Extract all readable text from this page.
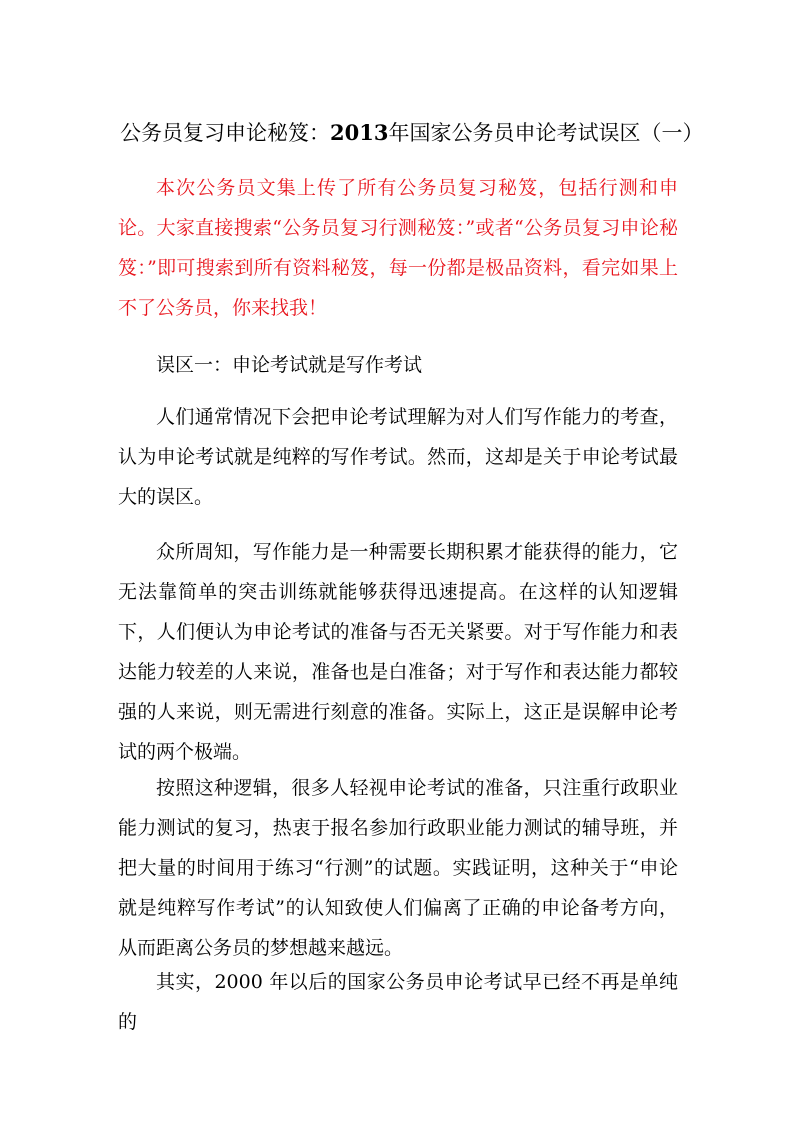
公务员复习申论秘笈：2013年国家公务员申论考试误区（一）

本次公务员文集上传了所有公务员复习秘笈，包括行测和申论。大家直接搜索“公务员复习行测秘笈：”或者“公务员复习申论秘笈：”即可搜索到所有资料秘笈，每一份都是极品资料，看完如果上不了公务员，你来找我！

误区一：申论考试就是写作考试

人们通常情况下会把申论考试理解为对人们写作能力的考查，认为申论考试就是纯粹的写作考试。然而，这却是关于申论考试最大的误区。

众所周知，写作能力是一种需要长期积累才能获得的能力，它无法靠简单的突击训练就能够获得迅速提高。在这样的认知逻辑下，人们便认为申论考试的准备与否无关紧要。对于写作能力和表达能力较差的人来说，准备也是白准备；对于写作和表达能力都较强的人来说，则无需进行刻意的准备。实际上，这正是误解申论考试的两个极端。

按照这种逻辑，很多人轻视申论考试的准备，只注重行政职业能力测试的复习，热衷于报名参加行政职业能力测试的辅导班，并把大量的时间用于练习“行测”的试题。实践证明，这种关于“申论就是纯粹写作考试”的认知致使人们偏离了正确的申论备考方向，从而距离公务员的梦想越来越远。

其实，2000 年以后的国家公务员申论考试早已经不再是单纯的
